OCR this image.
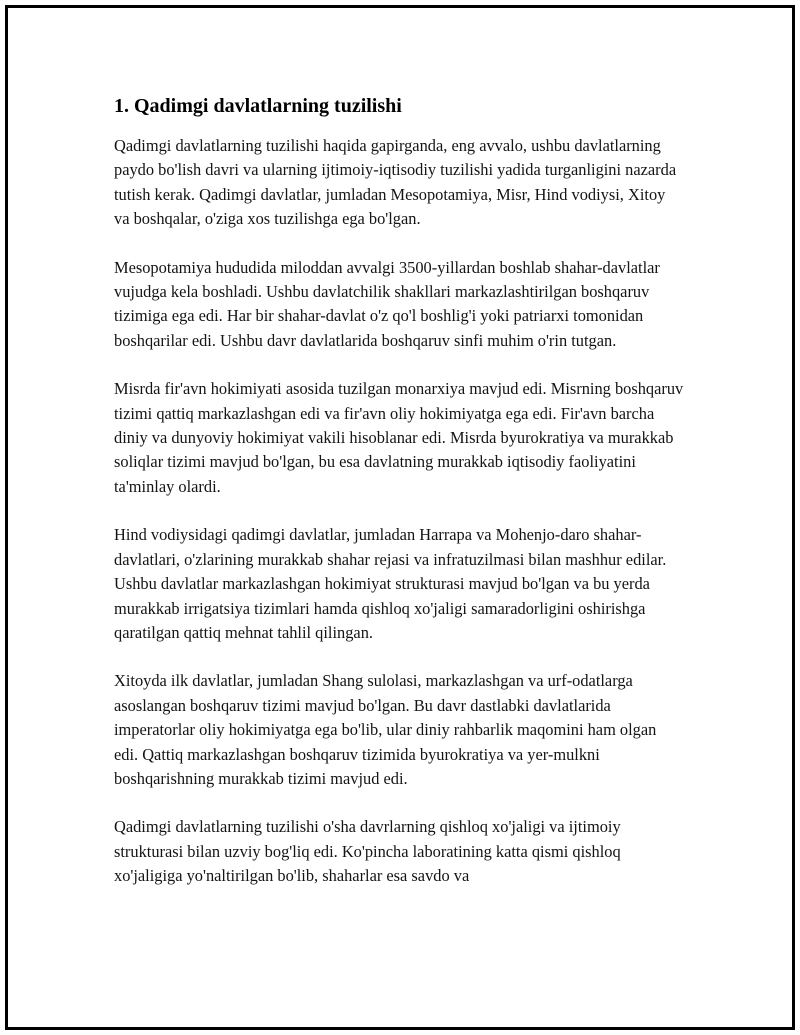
1. Qadimgi davlatlarning tuzilishi

Qadimgi davlatlarning tuzilishi haqida gapirganda, eng avvalo, ushbu davlatlarning paydo bo'lish davri va ularning ijtimoiy-iqtisodiy tuzilishi yadida turganligini nazarda tutish kerak. Qadimgi davlatlar, jumladan Mesopotamiya, Misr, Hind vodiysi, Xitoy va boshqalar, o'ziga xos tuzilishga ega bo'lgan.

Mesopotamiya hududida miloddan avvalgi 3500-yillardan boshlab shahar-davlatlar vujudga kela boshladi. Ushbu davlatchilik shakllari markazlashtirilgan boshqaruv tizimiga ega edi. Har bir shahar-davlat o'z qo'l boshlig'i yoki patriarxi tomonidan boshqarilar edi. Ushbu davr davlatlarida boshqaruv sinfi muhim o'rin tutgan.

Misrda fir'avn hokimiyati asosida tuzilgan monarxiya mavjud edi. Misrning boshqaruv tizimi qattiq markazlashgan edi va fir'avn oliy hokimiyatga ega edi. Fir'avn barcha diniy va dunyoviy hokimiyat vakili hisoblanar edi. Misrda byurokratiya va murakkab soliqlar tizimi mavjud bo'lgan, bu esa davlatning murakkab iqtisodiy faoliyatini ta'minlay olardi.

Hind vodiysidagi qadimgi davlatlar, jumladan Harrapa va Mohenjo-daro shahar-davlatlari, o'zlarining murakkab shahar rejasi va infratuzilmasi bilan mashhur edilar. Ushbu davlatlar markazlashgan hokimiyat strukturasi mavjud bo'lgan va bu yerda murakkab irrigatsiya tizimlari hamda qishloq xo'jaligi samaradorligini oshirishga qaratilgan qattiq mehnat tahlil qilingan.

Xitoyda ilk davlatlar, jumladan Shang sulolasi, markazlashgan va urf-odatlarga asoslangan boshqaruv tizimi mavjud bo'lgan. Bu davr dastlabki davlatlarida imperatorlar oliy hokimiyatga ega bo'lib, ular diniy rahbarlik maqomini ham olgan edi. Qattiq markazlashgan boshqaruv tizimida byurokratiya va yer-mulkni boshqarishning murakkab tizimi mavjud edi.

Qadimgi davlatlarning tuzilishi o'sha davrlarning qishloq xo'jaligi va ijtimoiy strukturasi bilan uzviy bog'liq edi. Ko'pincha laboratining katta qismi qishloq xo'jaligiga yo'naltirilgan bo'lib, shaharlar esa savdo va
